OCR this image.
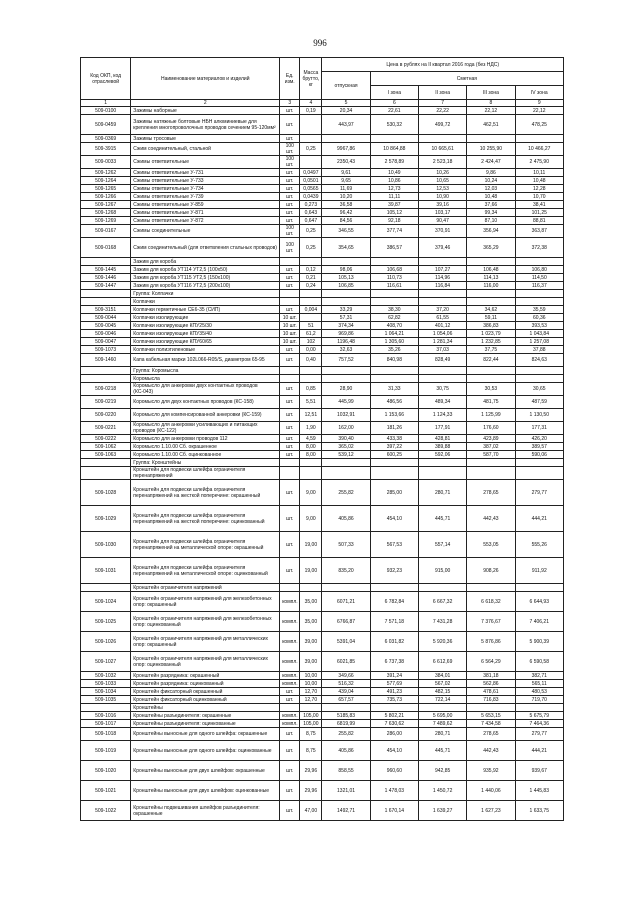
996
Код ОКП, код отраслевой	Наименование материалов и изделий	Ед. изм.	Масса брутто, кг	Цена в рублях на II квартал 2016 года (без НДС)				
				отпускная	Сметная			
					I зона	II зона	III зона	IV зона
1	2	3	4	5	6	7	8	9
509-0100	Зажимы наборные	шт.	0,19	20,34	22,61	22,22	22,12	22,12
509-0459	Зажимы натяжные болтовые НБН алюминиевые для крепления многопроволочных проводов сечением 95-120мм²	шт.		443,97	530,32	499,72	462,51	478,25
509-0369	Зажимы тросовые	шт.						
509-3915	Сжим соединительный, стальной	100 шт.	0,25	9967,86	10 864,88	10 665,61	10 255,90	10 466,27
509-0033	Сжимы ответвительные	100 шт.		2350,43	2 578,89	2 523,18	2 424,47	2 475,90
509-1262	Сжимы ответвительные У-731	шт.	0,0497	9,61	10,49	10,26	9,86	10,11
509-1264	Сжимы ответвительные У-733	шт.	0,0501	9,65	10,86	10,65	10,24	10,48
509-1265	Сжимы ответвительные У-734	шт.	0,0565	11,69	12,73	12,53	12,03	12,28
509-1266	Сжимы ответвительные У-739	шт.	0,0439	10,20	11,11	10,90	10,48	10,70
509-1267	Сжимы ответвительные У-859	шт.	0,273	36,58	39,87	39,16	37,66	38,41
509-1268	Сжимы ответвительные У-871	шт.	0,643	96,42	105,12	103,17	99,34	101,25
509-1269	Сжимы ответвительные У-872	шт.	0,647	84,56	92,18	90,47	87,10	88,81
509-0167	Сжимы соединительные	100 шт.	0,25	346,55	377,74	370,91	356,94	363,87
509-0168	Сжим соединительный (для ответвления стальных проводов)	100 шт.	0,25	354,65	386,57	379,46	365,29	372,38
	Зажим для короба							
509-1445	Зажим для короба УТ114 УТ2,5 (100x50)	шт.	0,12	98,06	106,68	107,27	106,48	106,80
509-1446	Зажим для короба УТ115 УТ2,5 (150x100)	шт.	0,21	105,13	110,73	114,96	114,13	114,50
509-1447	Зажим для короба УТ116 УТ2,5 (200x100)	шт.	0,24	106,85	116,61	116,84	116,00	116,37
	Группа: Колпачки							
	Колпачки							
509-3151	Колпачки герметичные CE6-35 (СИП)	шт.	0,004	33,29	38,30	37,20	34,62	35,59
509-0044	Колпачки изолирующие	10 шт.		57,31	62,82	61,55	59,11	60,36
509-0045	Колпачки изолирующие КПУ25/30	10 шт.	51	374,34	408,70	401,12	386,83	393,53
509-0046	Колпачки изолирующие КПУ35/40	10 шт.	61,2	969,86	1 064,21	1 054,06	1 023,79	1 043,84
509-0047	Колпачки изолирующие КПУ60/65	10 шт.	102	1196,48	1 305,60	1 281,34	1 232,85	1 257,08
509-1073	Колпачки полиэтиленовые	шт.	0,00	32,63	35,26	37,03	37,75	37,88
509-1460	Капа кабельная марки 102L066-R05/S, диаметром 65-95	шт.	0,40	757,52	840,98	828,49	822,44	824,63
	Группа: Коромысла							
	Коромысла							
509-0218	Коромысло для анкеровки двух контактных проводов (КС-043)	шт.	0,85	28,90	31,33	30,75	30,53	30,65
509-0219	Коромысло для двух контактных проводов (КС-158)	шт.	5,51	445,99	486,56	489,34	481,75	487,59
509-0220	Коромысло для компенсированной анкеровки (КС-159)	шт.	12,51	1032,91	1 153,66	1 124,33	1 125,99	1 130,50
509-0221	Коромысло для анкеровки усиливающих и питающих проводов (КС-122)	шт.	1,90	162,00	181,26	177,91	176,60	177,31
509-0222	Коромысло для анкеровки проводов 112	шт.	4,59	390,40	433,38	428,81	423,89	426,20
509-1062	Коромысло 1.10.00 Сб. окрашенное	шт.	8,00	365,02	397,22	389,88	387,02	389,57
509-1063	Коромысло 1.10.00 Сб. оцинкованное	шт.	8,00	539,12	600,25	592,06	587,70	590,06
	Группа: Кронштейны							
	Кронштейн для подвески шлейфа ограничителя перенапряжений							
509-1028	Кронштейн для подвески шлейфа ограничителя перенапряжений на жесткой поперечине: окрашенный	шт.	9,00	255,82	285,00	280,71	278,65	279,77
509-1029	Кронштейн для подвески шлейфа ограничителя перенапряжений на жесткой поперечине: оцинкованный	шт.	9,00	405,86	454,10	445,71	442,43	444,21
509-1030	Кронштейн для подвески шлейфа ограничителя перенапряжений на металлической опоре: окрашенный	шт.	19,00	507,33	567,53	557,14	553,05	555,26
509-1031	Кронштейн для подвески шлейфа ограничителя перенапряжений на металлической опоре: оцинкованный	шт.	19,00	835,20	932,23	915,00	908,26	911,92
	Кронштейн ограничителя напряжений							
509-1024	Кронштейн ограничителя напряжений для железобетонных опор: окрашенный	компл.	35,00	6071,21	6 782,84	6 667,32	6 618,32	6 644,93
509-1025	Кронштейн ограничителя напряжений для железобетонных опор: оцинкованный	компл.	35,00	6766,87	7 571,18	7 431,28	7 376,67	7 406,21
509-1026	Кронштейн ограничителя напряжений для металлических опор: окрашенный	компл.	39,00	5391,04	6 031,82	5 920,36	5 876,86	5 900,39
509-1027	Кронштейн ограничителя напряжений для металлических опор: оцинкованный	компл.	39,00	6021,85	6 737,38	6 612,69	6 564,29	6 590,58
509-1032	Кронштейн разрядника: окрашенный	компл.	10,00	349,66	391,24	384,01	381,18	382,71
509-1033	Кронштейн разрядника: оцинкованный	компл.	10,00	516,32	577,69	567,02	562,86	565,11
509-1034	Кронштейн фиксаторный окрашенный	шт.	12,70	439,04	491,23	482,15	478,61	480,53
509-1035	Кронштейн фиксаторный оцинкованный	шт.	12,70	657,57	735,73	722,14	716,83	719,70
	Кронштейны							
509-1016	Кронштейны разъединителя: окрашенные	компл.	105,00	5185,83	5 802,21	5 695,00	5 653,15	5 675,79
509-1017	Кронштейны разъединителя: оцинкованные	компл.	105,00	6819,99	7 630,62	7 489,62	7 434,58	7 464,36
509-1018	Кронштейны выносные для одного шлейфа: окрашенные	шт.	8,75	255,82	286,00	280,71	278,65	279,77
509-1019	Кронштейны выносные для одного шлейфа: оцинкованные	шт.	8,75	405,86	454,10	445,71	442,43	444,21
509-1020	Кронштейны выносные для двух шлейфов: окрашенные	шт.	29,96	858,55	960,60	942,85	935,92	939,67
509-1021	Кронштейны выносные для двух шлейфов: оцинкованные	шт.	29,96	1321,01	1 478,03	1 450,72	1 440,06	1 445,83
509-1022	Кронштейны подвешивания шлейфов разъединителя: окрашенные	шт.	47,00	1492,71	1 670,14	1 639,27	1 627,23	1 633,75
